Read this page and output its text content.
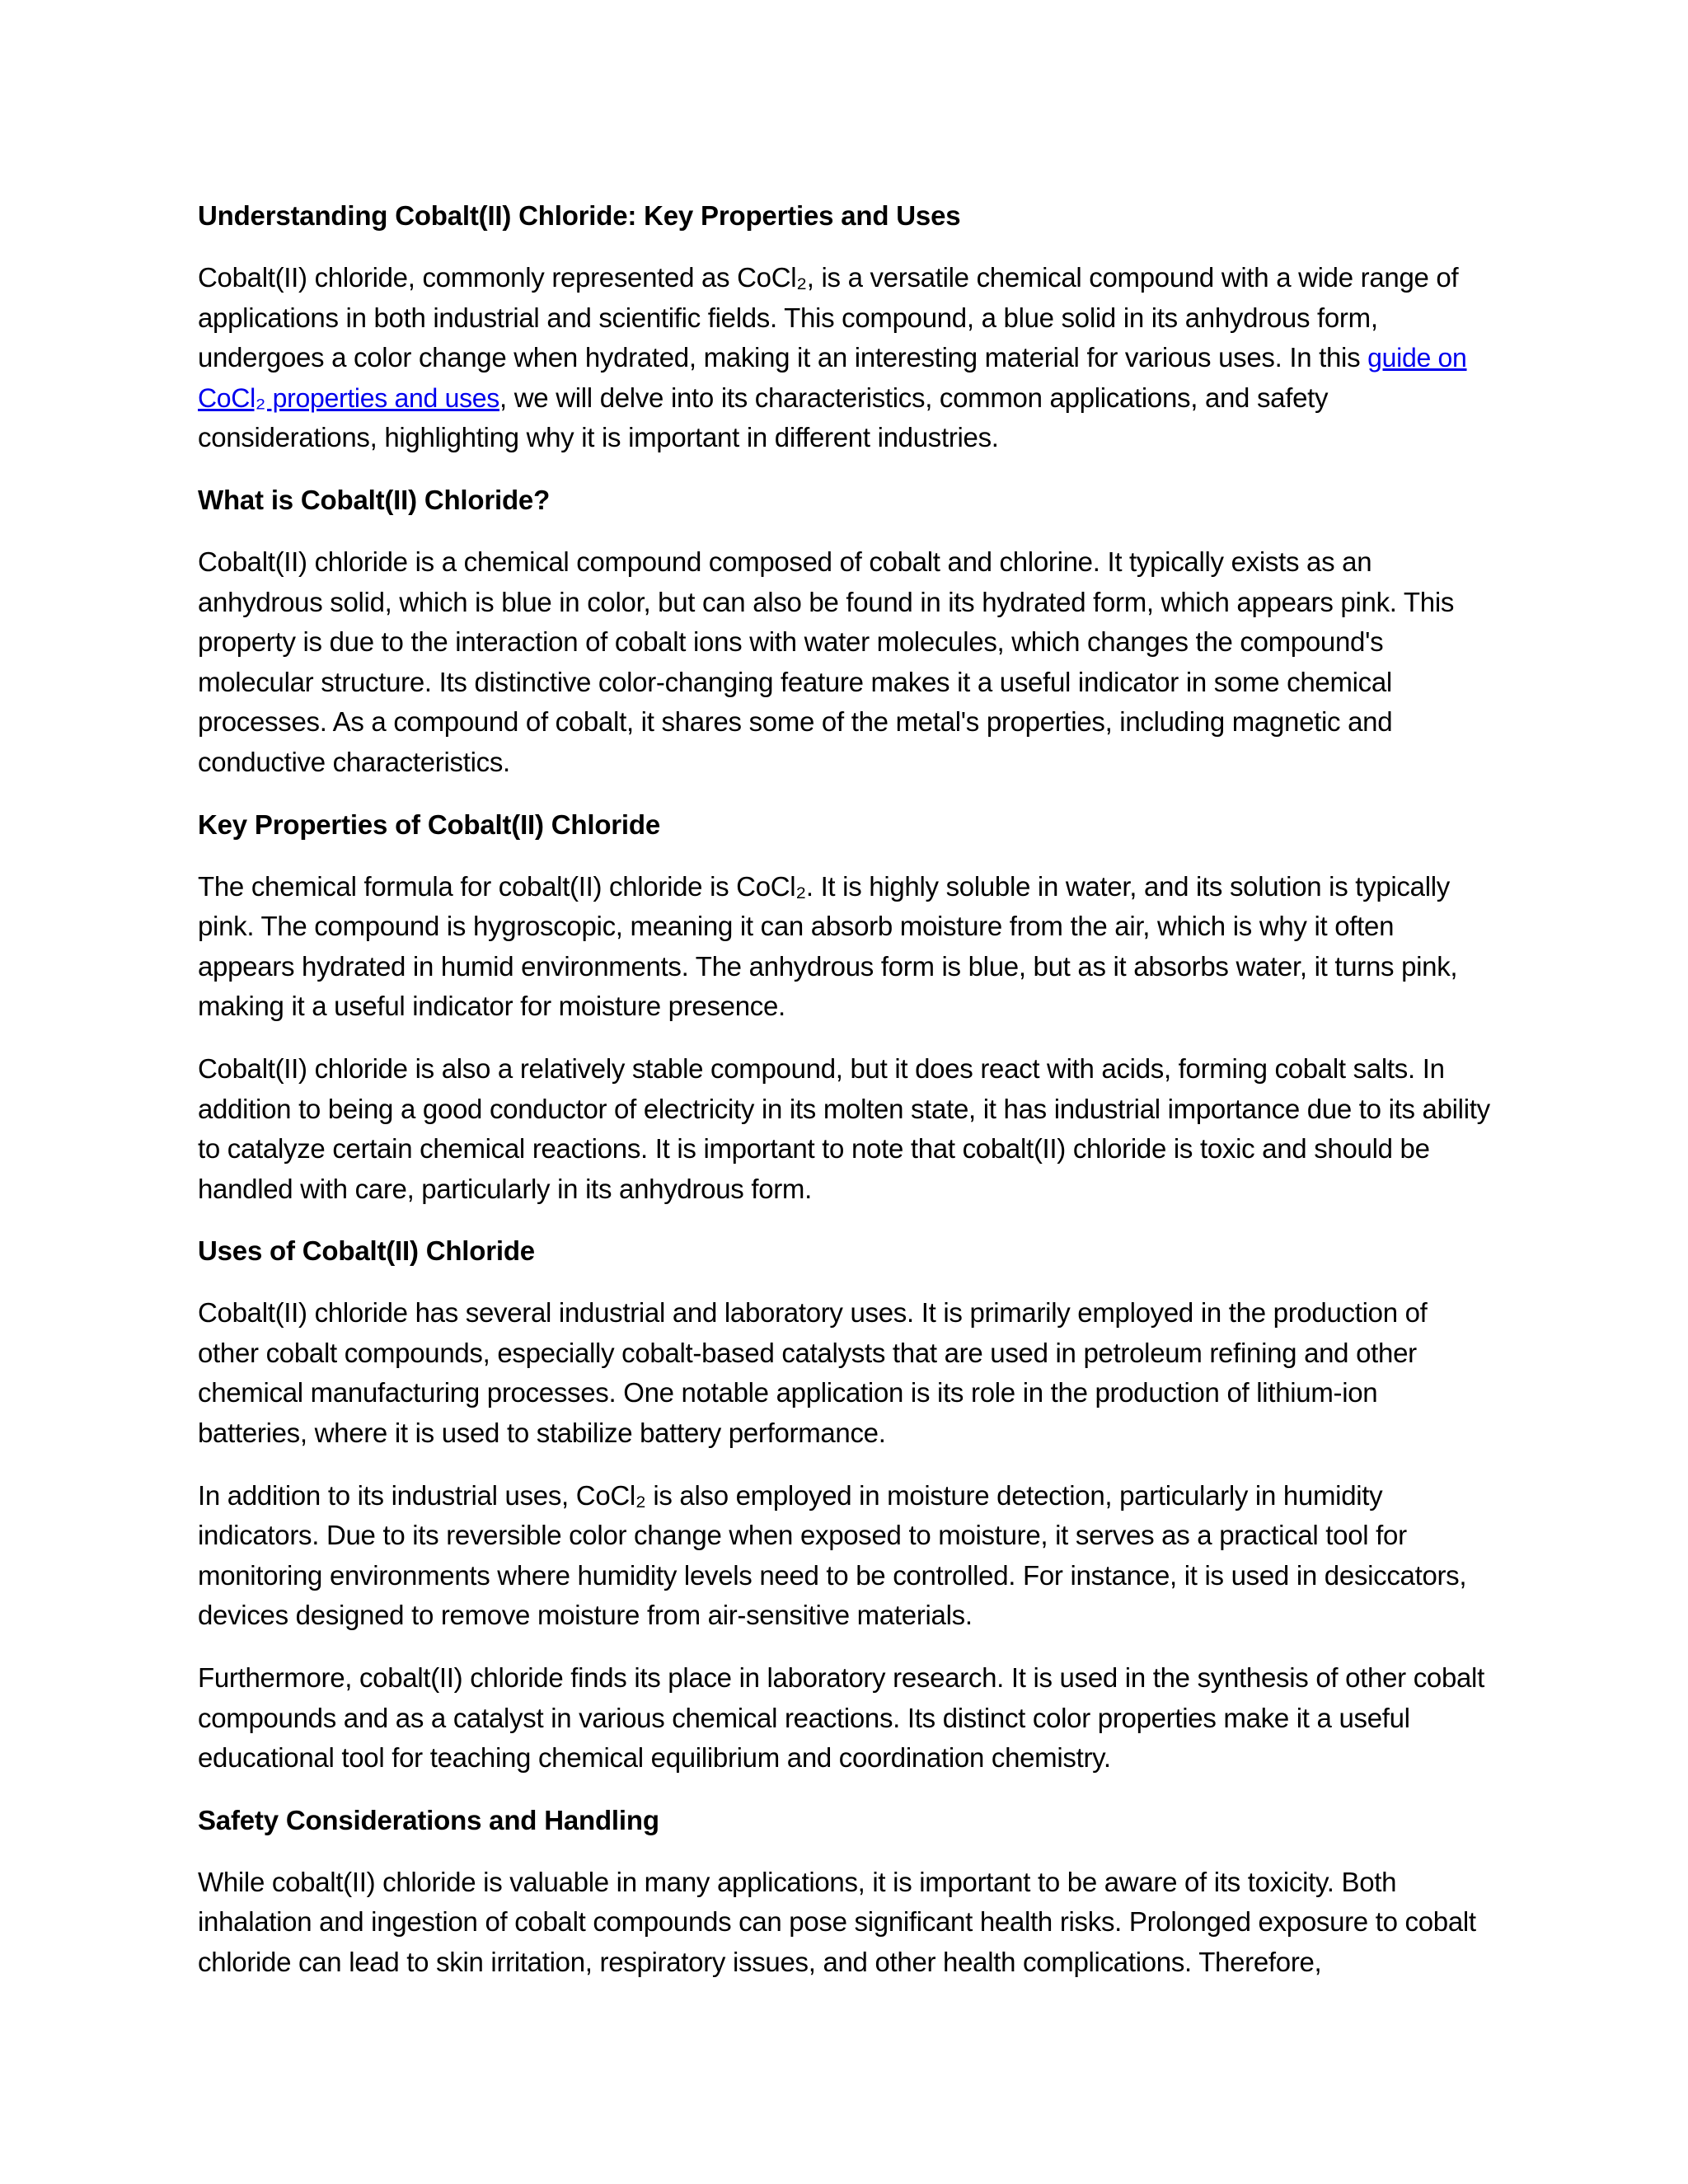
Understanding Cobalt(II) Chloride: Key Properties and Uses

Cobalt(II) chloride, commonly represented as CoCl₂, is a versatile chemical compound with a wide range of applications in both industrial and scientific fields. This compound, a blue solid in its anhydrous form, undergoes a color change when hydrated, making it an interesting material for various uses. In this guide on CoCl₂ properties and uses, we will delve into its characteristics, common applications, and safety considerations, highlighting why it is important in different industries.

What is Cobalt(II) Chloride?

Cobalt(II) chloride is a chemical compound composed of cobalt and chlorine. It typically exists as an anhydrous solid, which is blue in color, but can also be found in its hydrated form, which appears pink. This property is due to the interaction of cobalt ions with water molecules, which changes the compound's molecular structure. Its distinctive color-changing feature makes it a useful indicator in some chemical processes. As a compound of cobalt, it shares some of the metal's properties, including magnetic and conductive characteristics.

Key Properties of Cobalt(II) Chloride

The chemical formula for cobalt(II) chloride is CoCl₂. It is highly soluble in water, and its solution is typically pink. The compound is hygroscopic, meaning it can absorb moisture from the air, which is why it often appears hydrated in humid environments. The anhydrous form is blue, but as it absorbs water, it turns pink, making it a useful indicator for moisture presence.

Cobalt(II) chloride is also a relatively stable compound, but it does react with acids, forming cobalt salts. In addition to being a good conductor of electricity in its molten state, it has industrial importance due to its ability to catalyze certain chemical reactions. It is important to note that cobalt(II) chloride is toxic and should be handled with care, particularly in its anhydrous form.

Uses of Cobalt(II) Chloride

Cobalt(II) chloride has several industrial and laboratory uses. It is primarily employed in the production of other cobalt compounds, especially cobalt-based catalysts that are used in petroleum refining and other chemical manufacturing processes. One notable application is its role in the production of lithium-ion batteries, where it is used to stabilize battery performance.

In addition to its industrial uses, CoCl₂ is also employed in moisture detection, particularly in humidity indicators. Due to its reversible color change when exposed to moisture, it serves as a practical tool for monitoring environments where humidity levels need to be controlled. For instance, it is used in desiccators, devices designed to remove moisture from air-sensitive materials.

Furthermore, cobalt(II) chloride finds its place in laboratory research. It is used in the synthesis of other cobalt compounds and as a catalyst in various chemical reactions. Its distinct color properties make it a useful educational tool for teaching chemical equilibrium and coordination chemistry.

Safety Considerations and Handling

While cobalt(II) chloride is valuable in many applications, it is important to be aware of its toxicity. Both inhalation and ingestion of cobalt compounds can pose significant health risks. Prolonged exposure to cobalt chloride can lead to skin irritation, respiratory issues, and other health complications. Therefore,
